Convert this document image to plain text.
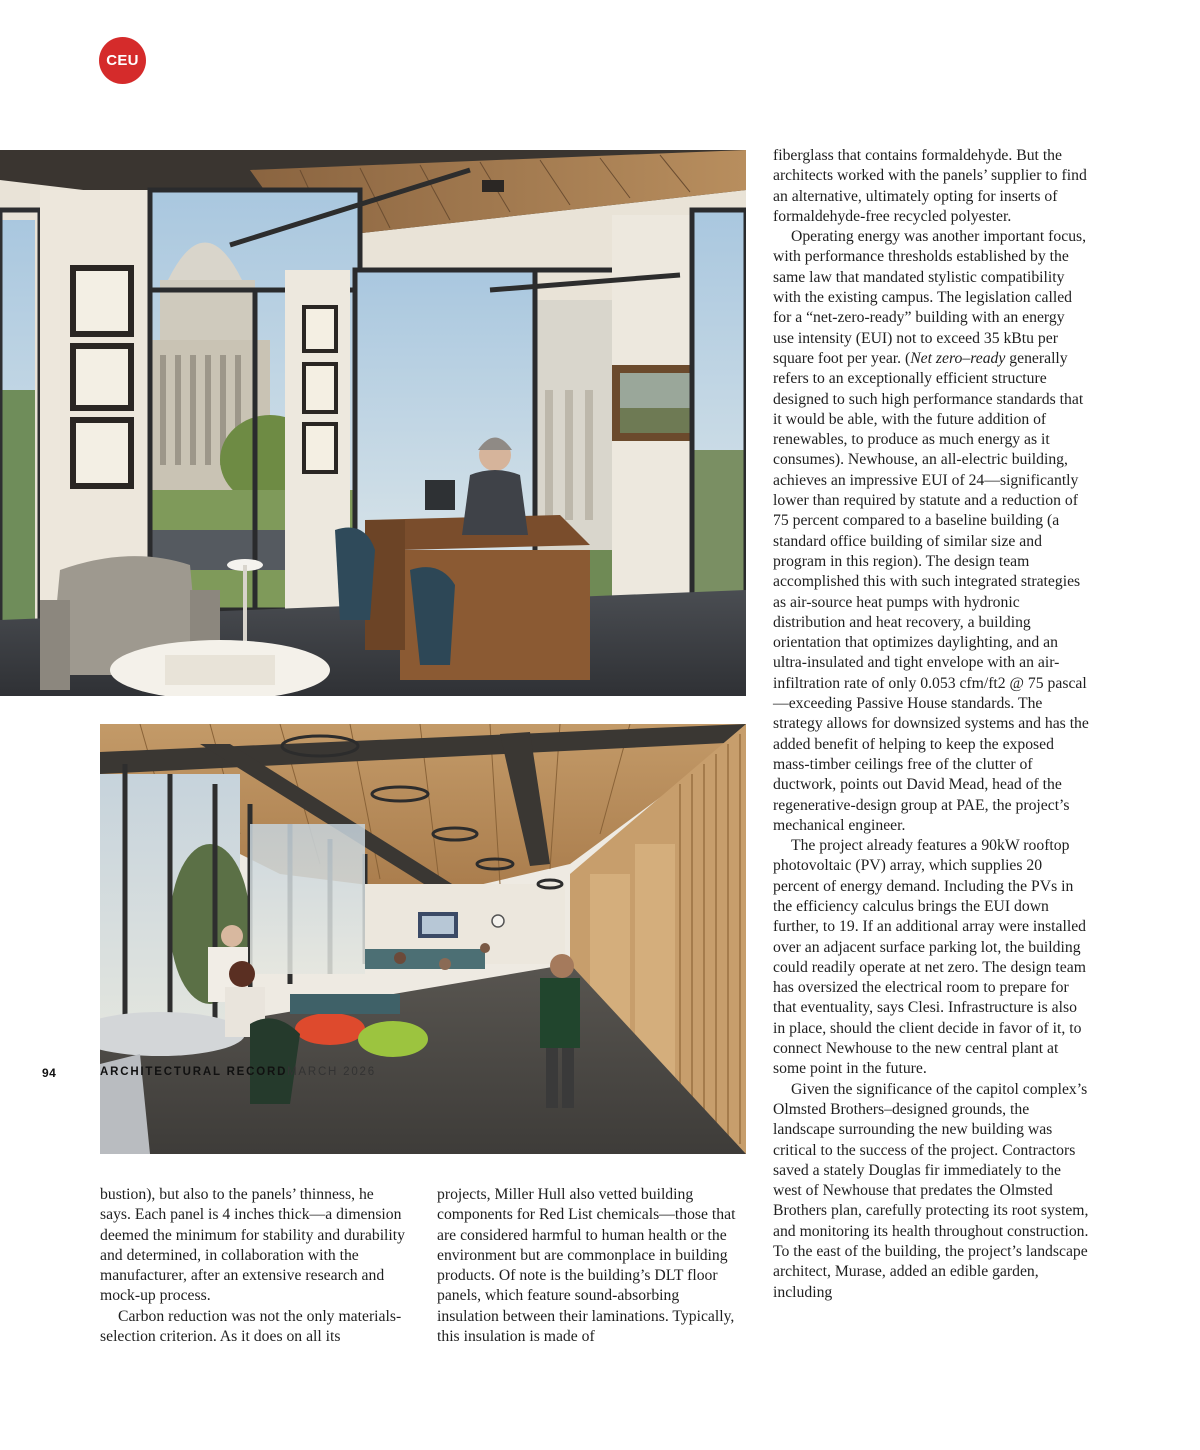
CEU

fiberglass that contains formaldehyde. But the architects worked with the panels’ supplier to find an alternative, ultimately opting for inserts of formaldehyde-free recycled polyester.

Operating energy was another important focus, with performance thresholds established by the same law that mandated stylistic compatibility with the existing campus. The legislation called for a “net-zero-ready” building with an energy use intensity (EUI) not to exceed 35 kBtu per square foot per year. (Net zero–ready generally refers to an exceptionally efficient structure designed to such high performance standards that it would be able, with the future addition of renewables, to produce as much energy as it consumes). Newhouse, an all-electric building, achieves an impressive EUI of 24—significantly lower than required by statute and a reduction of 75 percent compared to a baseline building (a standard office building of similar size and program in this region). The design team accomplished this with such integrated strategies as air-source heat pumps with hydronic distribution and heat recovery, a building orientation that optimizes daylighting, and an ultra-insulated and tight envelope with an air-infiltration rate of only 0.053 cfm/ft2 @ 75 pascal—exceeding Passive House standards. The strategy allows for downsized systems and has the added benefit of helping to keep the exposed mass-timber ceilings free of the clutter of ductwork, points out David Mead, head of the regenerative-design group at PAE, the project’s mechanical engineer.

The project already features a 90kW rooftop photovoltaic (PV) array, which supplies 20 percent of energy demand. Including the PVs in the efficiency calculus brings the EUI down further, to 19. If an additional array were installed over an adjacent surface parking lot, the building could readily operate at net zero. The design team has oversized the electrical room to prepare for that eventuality, says Clesi. Infrastructure is also in place, should the client decide in favor of it, to connect Newhouse to the new central plant at some point in the future.

Given the significance of the capitol complex’s Olmsted Brothers–designed grounds, the landscape surrounding the new building was critical to the success of the project. Contractors saved a stately Douglas fir immediately to the west of Newhouse that predates the Olmsted Brothers plan, carefully protecting its root system, and monitoring its health throughout construction. To the east of the building, the project’s landscape architect, Murase, added an edible garden, including

bustion), but also to the panels’ thinness, he says. Each panel is 4 inches thick—a dimension deemed the minimum for stability and durability and determined, in collaboration with the manufacturer, after an extensive research and mock-up process.

Carbon reduction was not the only materials-selection criterion. As it does on all its

projects, Miller Hull also vetted building components for Red List chemicals—those that are considered harmful to human health or the environment but are commonplace in building products. Of note is the building’s DLT floor panels, which feature sound-absorbing insulation between their laminations. Typically, this insulation is made of

94	ARCHITECTURAL RECORD MARCH 2026
